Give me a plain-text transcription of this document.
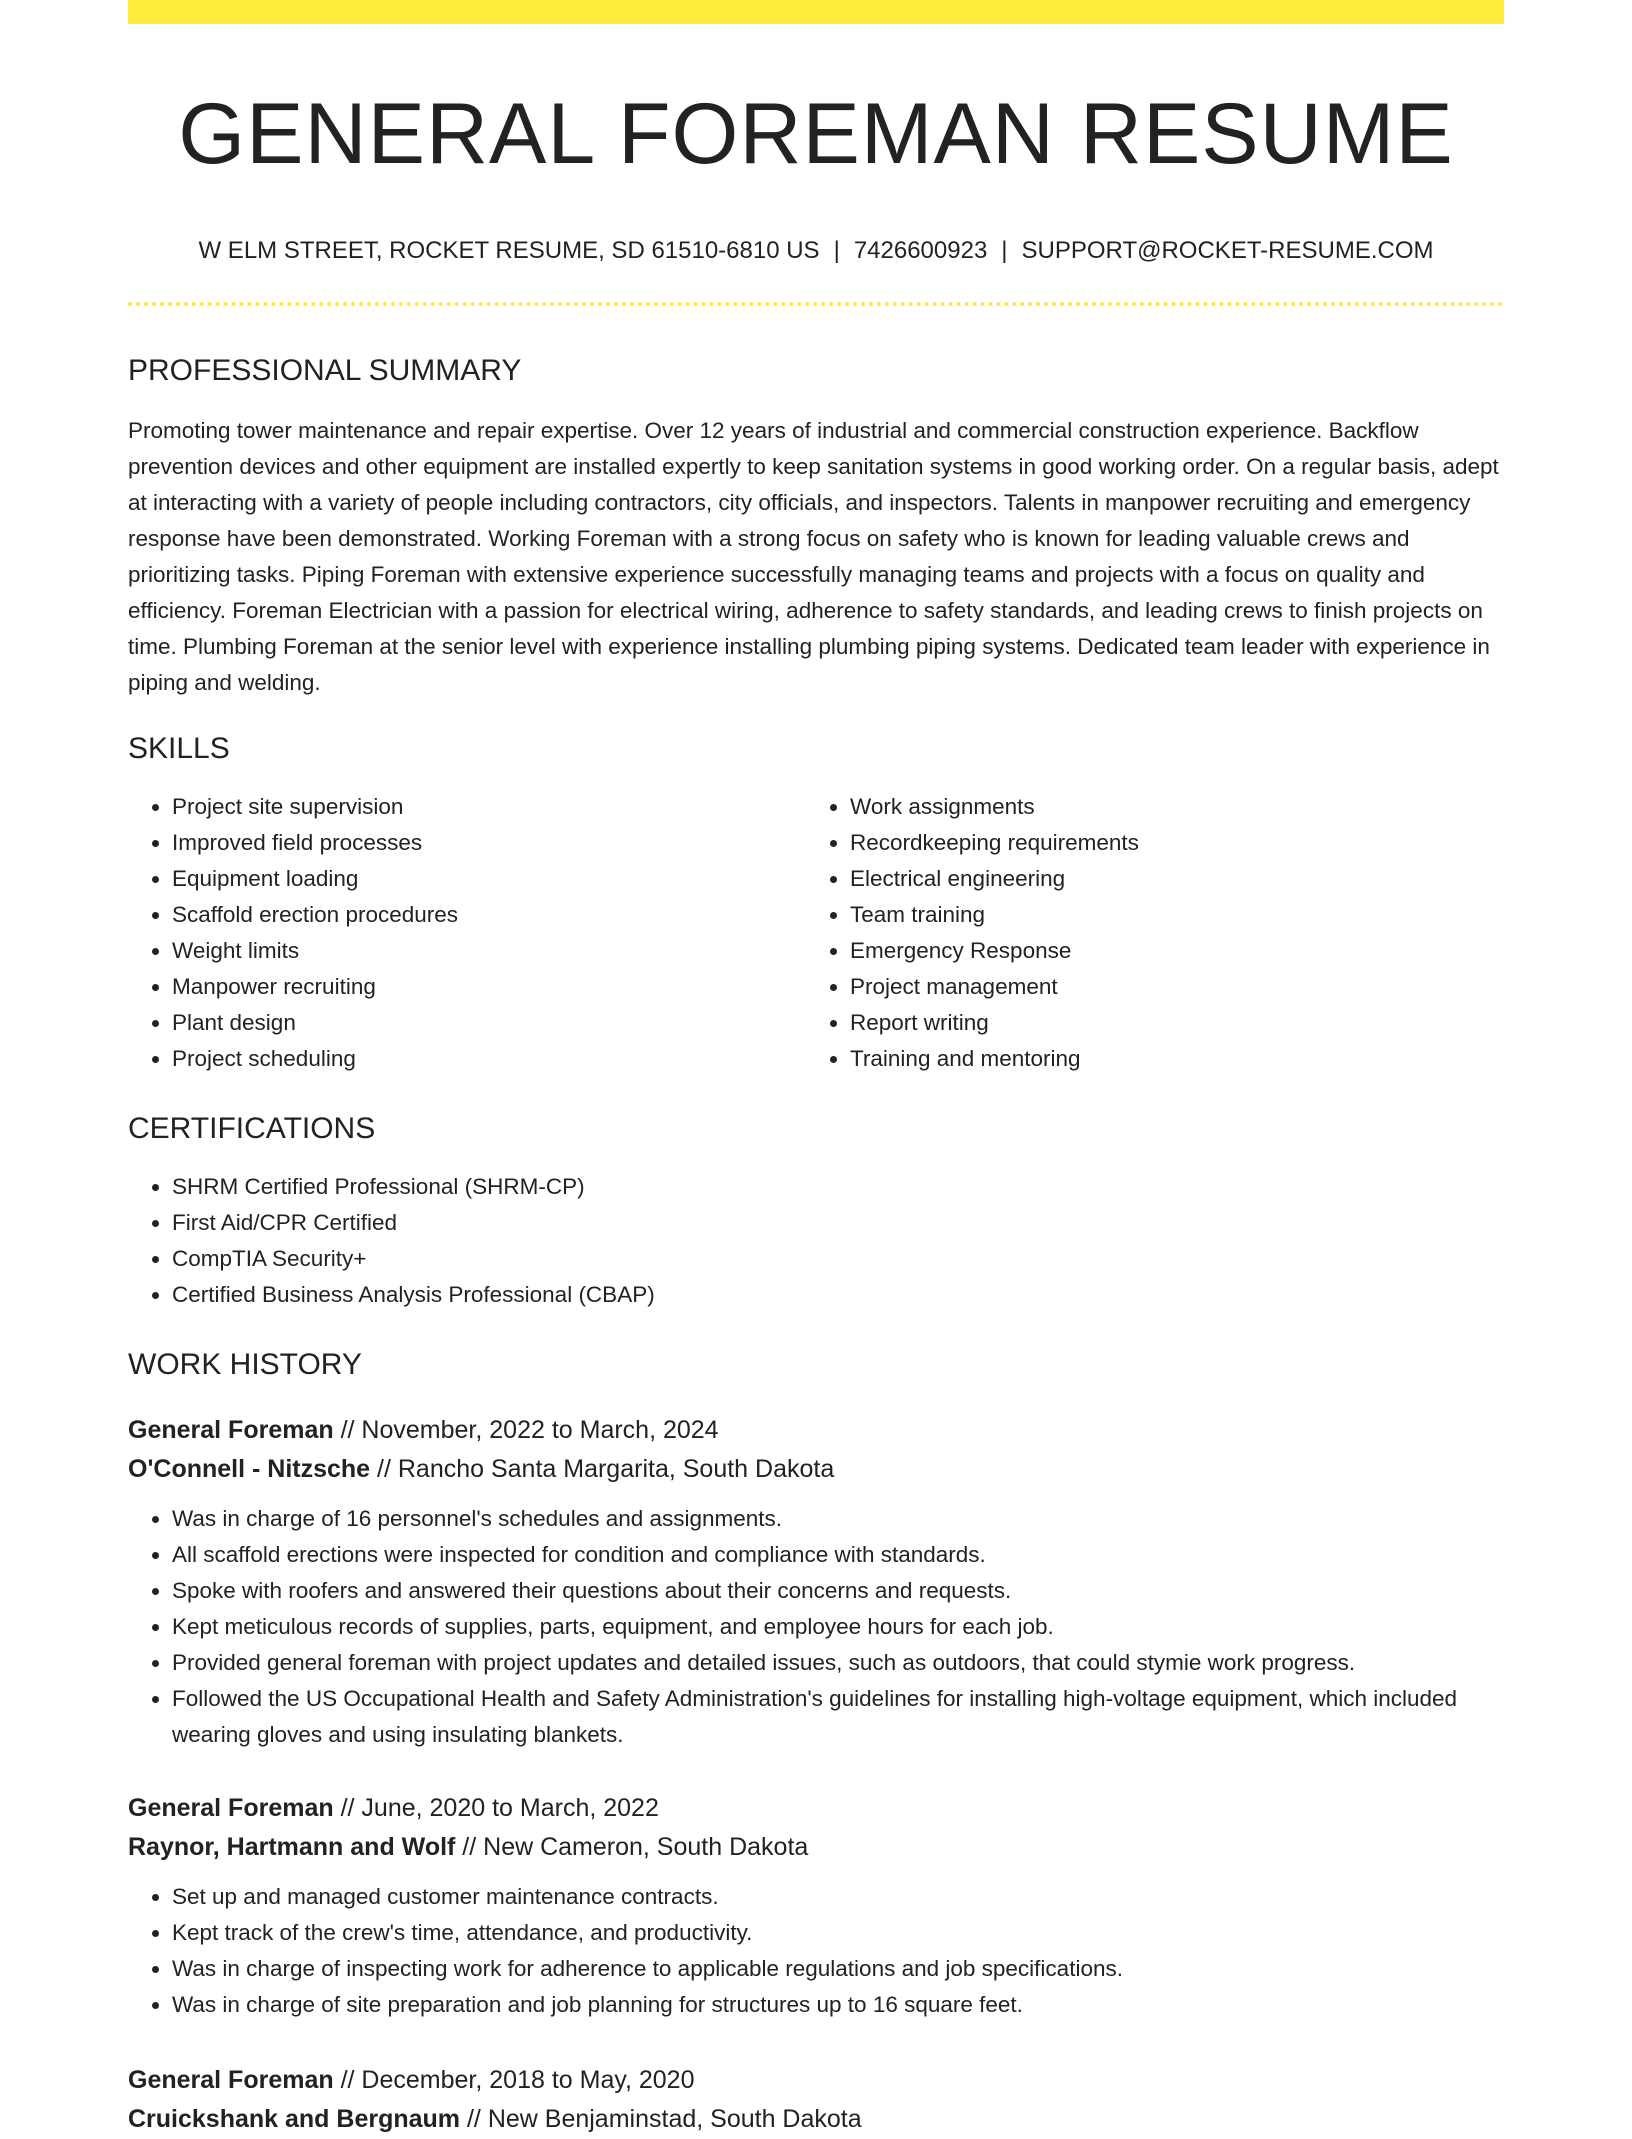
GENERAL FOREMAN RESUME
W ELM STREET, ROCKET RESUME, SD 61510-6810 US | 7426600923 | SUPPORT@ROCKET-RESUME.COM
PROFESSIONAL SUMMARY

Promoting tower maintenance and repair expertise. Over 12 years of industrial and commercial construction experience. Backflow prevention devices and other equipment are installed expertly to keep sanitation systems in good working order. On a regular basis, adept at interacting with a variety of people including contractors, city officials, and inspectors. Talents in manpower recruiting and emergency response have been demonstrated. Working Foreman with a strong focus on safety who is known for leading valuable crews and prioritizing tasks. Piping Foreman with extensive experience successfully managing teams and projects with a focus on quality and efficiency. Foreman Electrician with a passion for electrical wiring, adherence to safety standards, and leading crews to finish projects on time. Plumbing Foreman at the senior level with experience installing plumbing piping systems. Dedicated team leader with experience in piping and welding.

SKILLS
• Project site supervision
• Improved field processes
• Equipment loading
• Scaffold erection procedures
• Weight limits
• Manpower recruiting
• Plant design
• Project scheduling
• Work assignments
• Recordkeeping requirements
• Electrical engineering
• Team training
• Emergency Response
• Project management
• Report writing
• Training and mentoring
CERTIFICATIONS
• SHRM Certified Professional (SHRM-CP)
• First Aid/CPR Certified
• CompTIA Security+
• Certified Business Analysis Professional (CBAP)
WORK HISTORY
General Foreman // November, 2022 to March, 2024
O'Connell - Nitzsche // Rancho Santa Margarita, South Dakota
• Was in charge of 16 personnel's schedules and assignments.
• All scaffold erections were inspected for condition and compliance with standards.
• Spoke with roofers and answered their questions about their concerns and requests.
• Kept meticulous records of supplies, parts, equipment, and employee hours for each job.
• Provided general foreman with project updates and detailed issues, such as outdoors, that could stymie work progress.
• Followed the US Occupational Health and Safety Administration's guidelines for installing high-voltage equipment, which included wearing gloves and using insulating blankets.
General Foreman // June, 2020 to March, 2022
Raynor, Hartmann and Wolf // New Cameron, South Dakota
• Set up and managed customer maintenance contracts.
• Kept track of the crew's time, attendance, and productivity.
• Was in charge of inspecting work for adherence to applicable regulations and job specifications.
• Was in charge of site preparation and job planning for structures up to 16 square feet.
General Foreman // December, 2018 to May, 2020
Cruickshank and Bergnaum // New Benjaminstad, South Dakota
